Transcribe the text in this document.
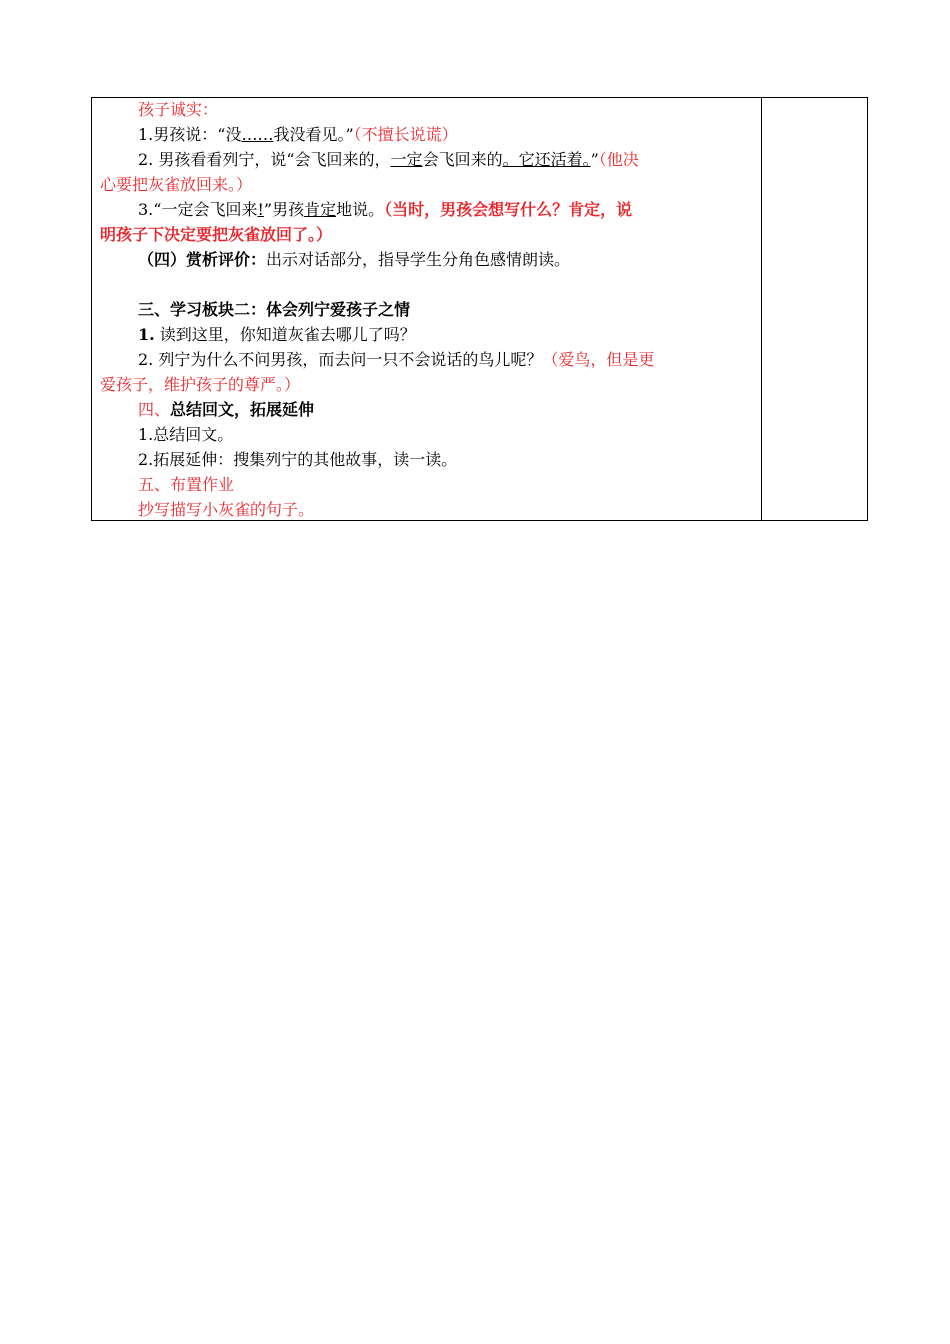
孩子诚实：
1.男孩说：“没……我没看见。”（不擅长说谎）
2. 男孩看看列宁，说“会飞回来的，一定会飞回来的。它还活着。”（他决
心要把灰雀放回来。）
3.“一定会飞回来!”男孩肯定地说。（当时，男孩会想写什么？肯定，说
明孩子下决定要把灰雀放回了。）
（四）赏析评价：出示对话部分，指导学生分角色感情朗读。
三、学习板块二：体会列宁爱孩子之情
1. 读到这里，你知道灰雀去哪儿了吗？
2. 列宁为什么不问男孩，而去问一只不会说话的鸟儿呢？（爱鸟，但是更
爱孩子，维护孩子的尊严。）
四、总结回文，拓展延伸
1.总结回文。
2.拓展延伸：搜集列宁的其他故事，读一读。
五、布置作业
抄写描写小灰雀的句子。
